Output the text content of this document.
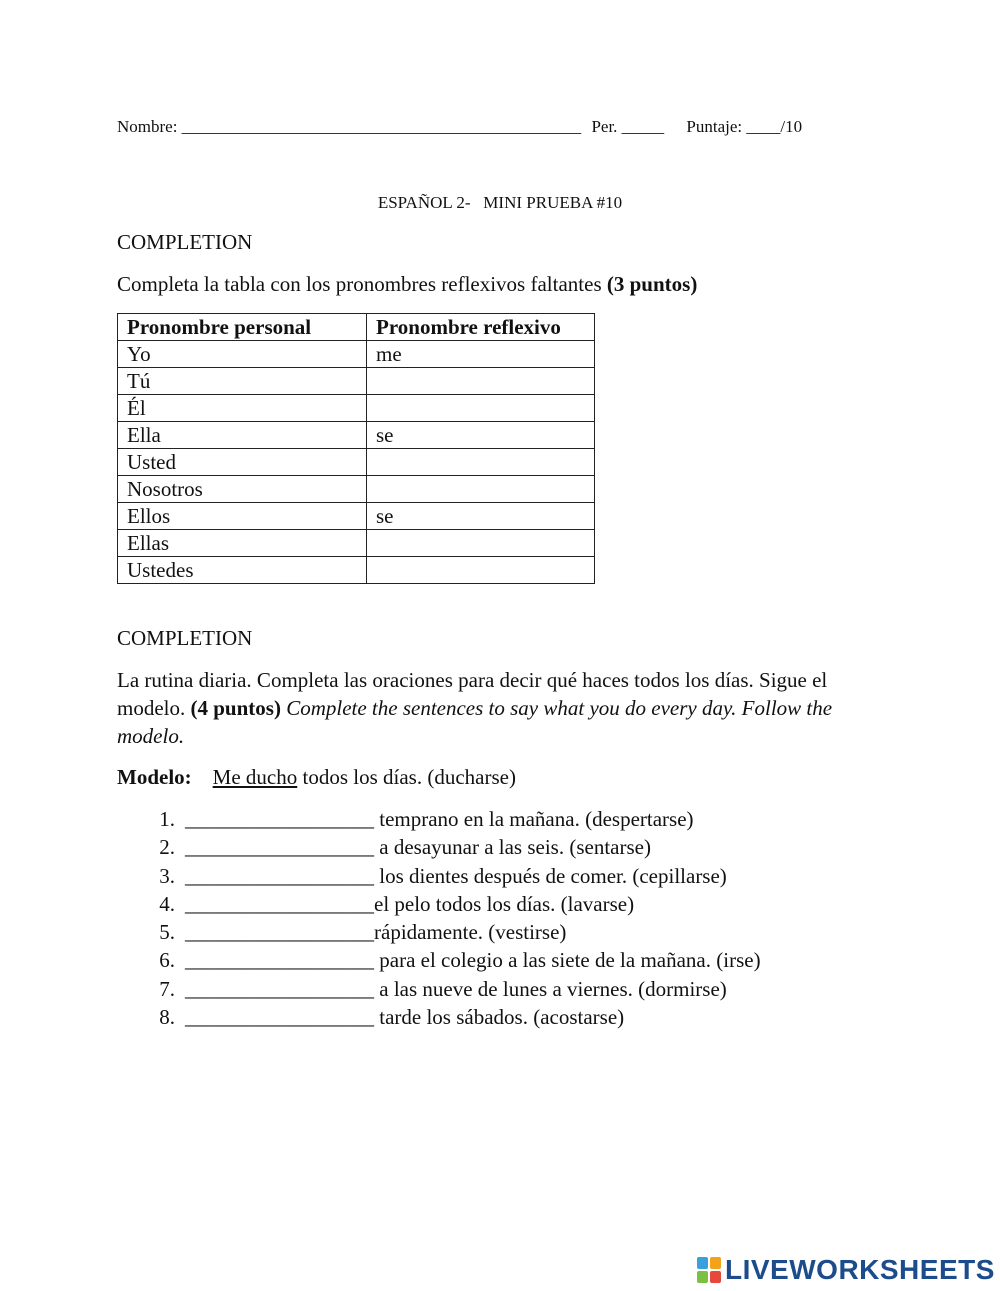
Nombre: _______________________________________________ Per. _____ Puntaje: ____/10
ESPAÑOL 2-   MINI PRUEBA #10
COMPLETION
Completa la tabla con los pronombres reflexivos faltantes (3 puntos)
Pronombre personal	Pronombre reflexivo
Yo	me
Tú	
Él	
Ella	se
Usted	
Nosotros	
Ellos	se
Ellas	
Ustedes	
COMPLETION
La rutina diaria. Completa las oraciones para decir qué haces todos los días. Sigue el modelo. (4 puntos) Complete the sentences to say what you do every day. Follow the modelo.
Modelo: Me ducho todos los días. (ducharse)
1. __________________ temprano en la mañana. (despertarse)
2. __________________ a desayunar a las seis. (sentarse)
3. __________________ los dientes después de comer. (cepillarse)
4. __________________el pelo todos los días. (lavarse)
5. __________________rápidamente. (vestirse)
6. __________________ para el colegio a las siete de la mañana. (irse)
7. __________________ a las nueve de lunes a viernes. (dormirse)
8. __________________ tarde los sábados. (acostarse)
LIVEWORKSHEETS
